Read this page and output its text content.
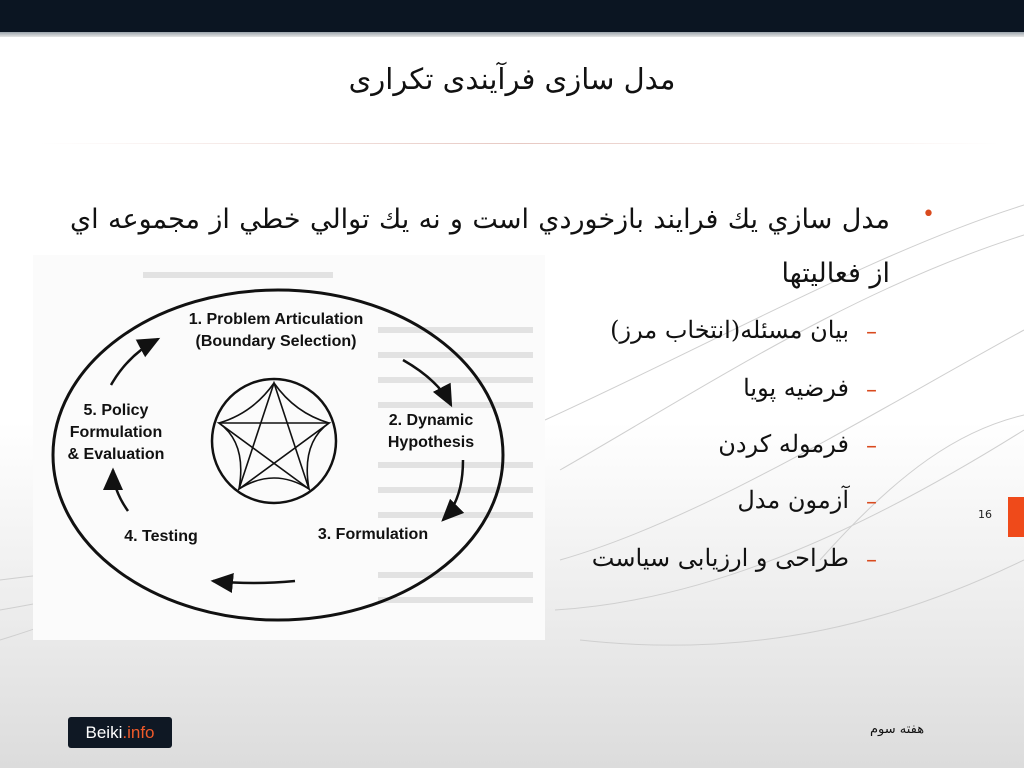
مدل سازی فرآیندی تکراری
•
مدل سازي يك فرايند بازخوردي است و نه يك توالي خطي از مجموعه اي از فعاليتها
–
بیان مسئله(انتخاب مرز)
–
فرضیه پویا
–
فرموله کردن
–
آزمون مدل
–
طراحی و ارزیابی سیاست
1. Problem Articulation
(Boundary Selection)
2. Dynamic
Hypothesis
3. Formulation
4. Testing
5. Policy
Formulation
& Evaluation
16
Beiki .info	هفته سوم
